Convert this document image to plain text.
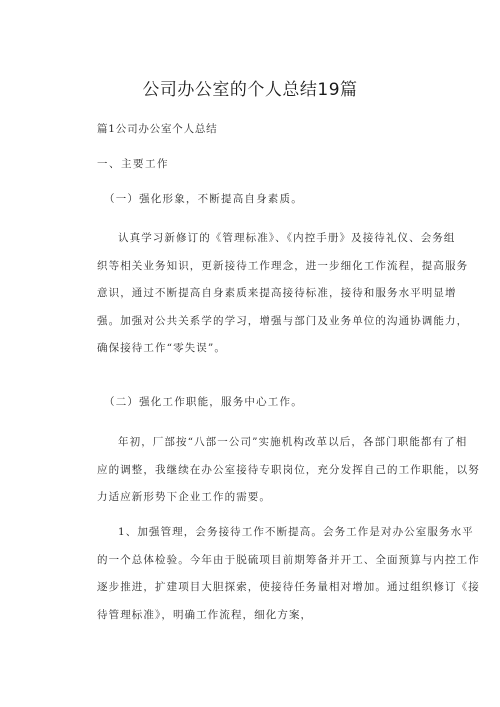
公司办公室的个人总结19篇
篇1公司办公室个人总结
一、主要工作
（一）强化形象，不断提高自身素质。

认真学习新修订的《管理标准》、《内控手册》及接待礼仪、会务组
织等相关业务知识，更新接待工作理念，进一步细化工作流程，提高服务
意识，通过不断提高自身素质来提高接待标准，接待和服务水平明显增
强。加强对公共关系学的学习，增强与部门及业务单位的沟通协调能力，
确保接待工作“零失误”。

（二）强化工作职能，服务中心工作。

年初，厂部按“八部一公司”实施机构改革以后，各部门职能都有了相
应的调整，我继续在办公室接待专职岗位，充分发挥自己的工作职能，以努
力适应新形势下企业工作的需要。

1、加强管理，会务接待工作不断提高。会务工作是对办公室服务水平
的一个总体检验。今年由于脱硫项目前期筹备并开工、全面预算与内控工作
逐步推进，扩建项目大胆探索，使接待任务量相对增加。通过组织修订《接
待管理标准》，明确工作流程，细化方案，
